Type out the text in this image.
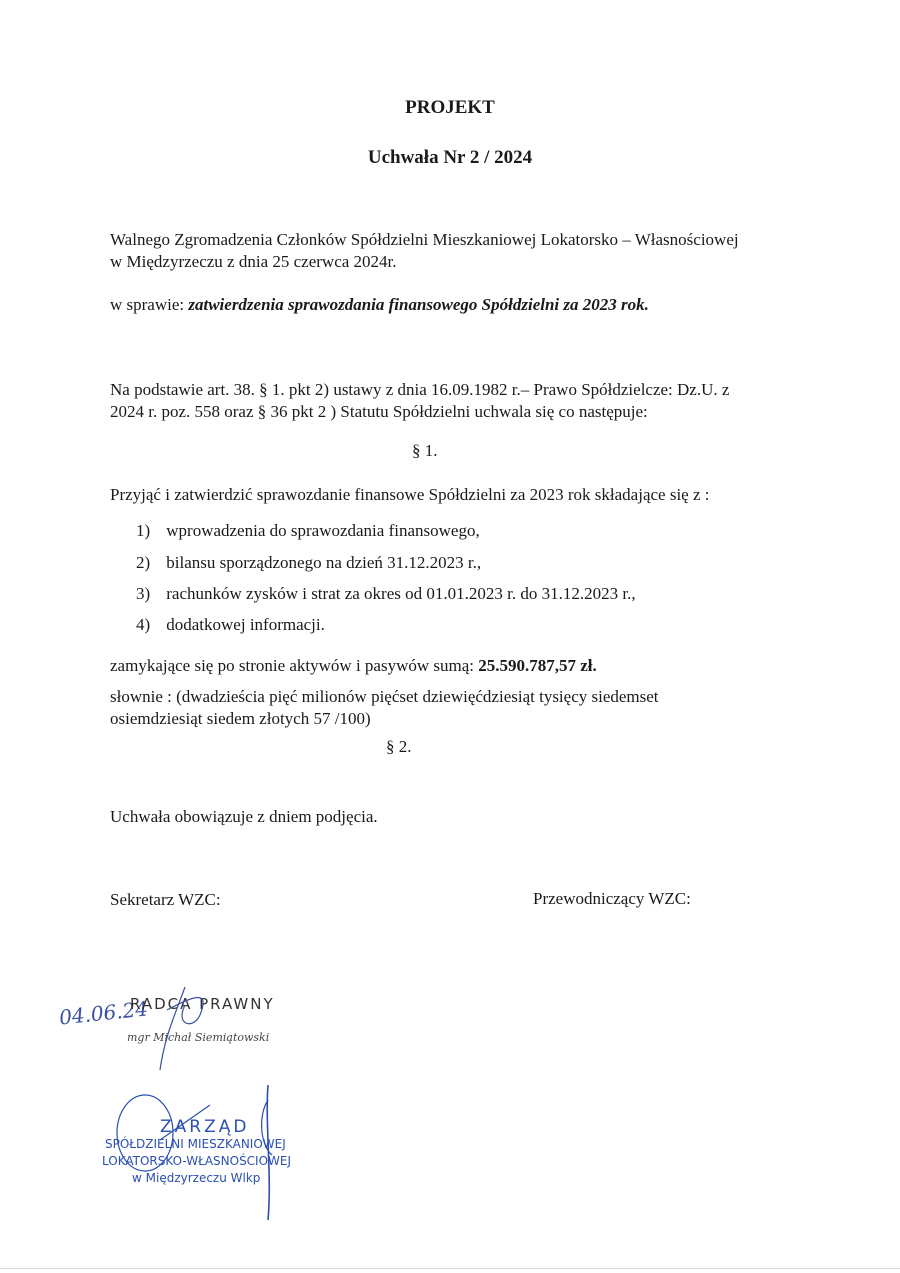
PROJEKT
Uchwała Nr 2 / 2024
Walnego Zgromadzenia Członków Spółdzielni Mieszkaniowej Lokatorsko – Własnościowej
w Międzyrzeczu z dnia 25 czerwca 2024r.
w sprawie: zatwierdzenia sprawozdania finansowego Spółdzielni za 2023 rok.
Na podstawie art. 38. § 1. pkt 2) ustawy z dnia 16.09.1982 r.– Prawo Spółdzielcze: Dz.U. z
2024 r. poz. 558 oraz § 36 pkt 2 ) Statutu Spółdzielni uchwala się co następuje:
§ 1.
Przyjąć i zatwierdzić sprawozdanie finansowe Spółdzielni za 2023 rok składające się z :
1) wprowadzenia do sprawozdania finansowego,
2) bilansu sporządzonego na dzień 31.12.2023 r.,
3) rachunków zysków i strat za okres od 01.01.2023 r. do 31.12.2023 r.,
4) dodatkowej informacji.
zamykające się po stronie aktywów i pasywów sumą: 25.590.787,57 zł.
słownie : (dwadzieścia pięć milionów pięćset dziewięćdziesiąt tysięcy siedemset
osiemdziesiąt siedem złotych 57 /100)
§ 2.
Uchwała obowiązuje z dniem podjęcia.
Sekretarz WZC:	Przewodniczący WZC:
04.06.24
RADCA PRAWNY
mgr Michał Siemiątowski
ZARZĄD
SPÓŁDZIELNI MIESZKANIOWEJ
LOKATORSKO-WŁASNOŚCIOWEJ
w Międzyrzeczu Wlkp
